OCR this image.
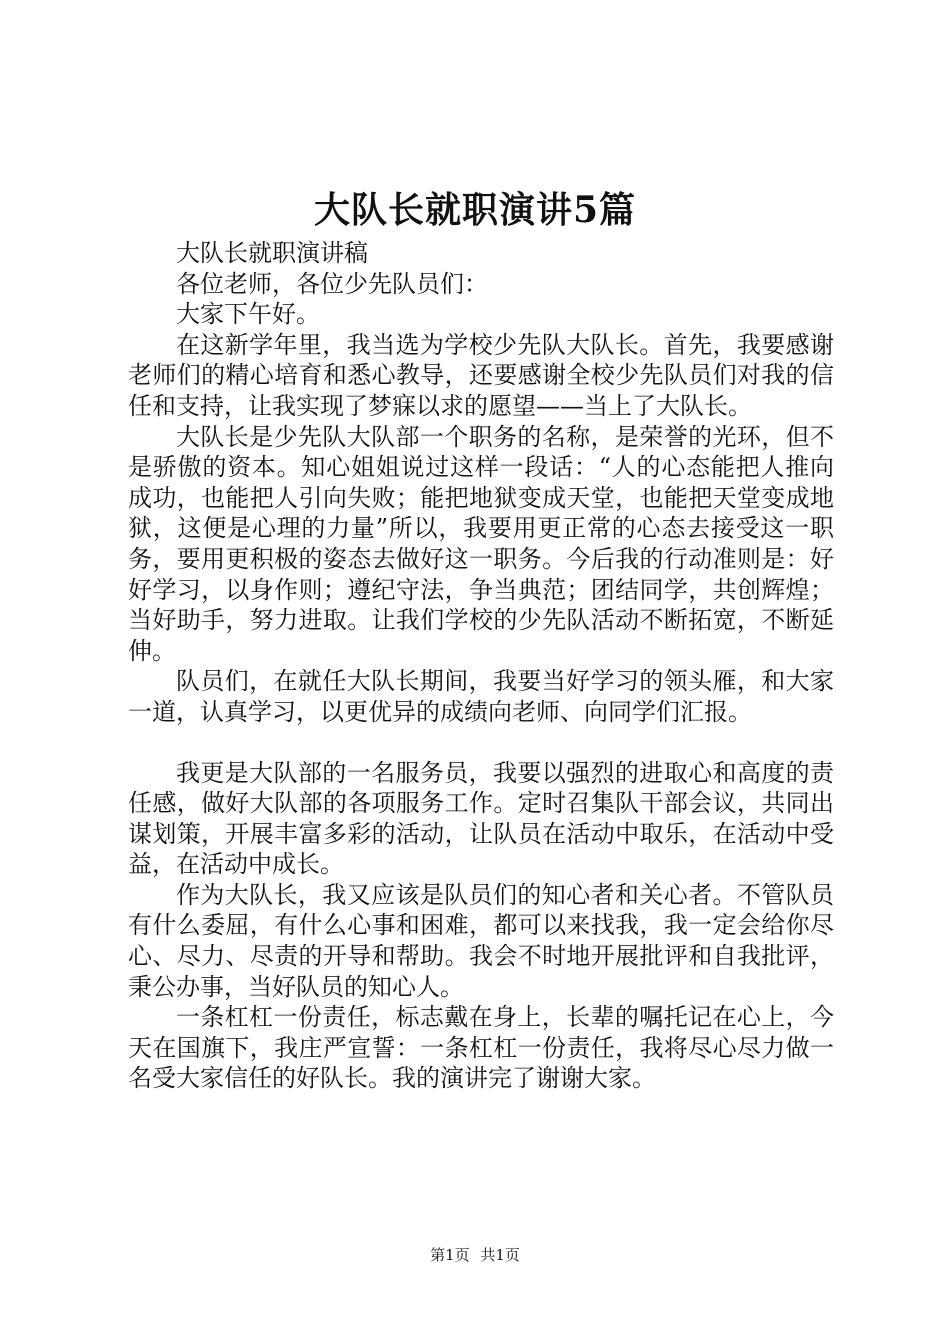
大队长就职演讲5篇

大队长就职演讲稿

各位老师，各位少先队员们：

大家下午好。

在这新学年里，我当选为学校少先队大队长。首先，我要感谢老师们的精心培育和悉心教导，还要感谢全校少先队员们对我的信任和支持，让我实现了梦寐以求的愿望——当上了大队长。

大队长是少先队大队部一个职务的名称，是荣誉的光环，但不是骄傲的资本。知心姐姐说过这样一段话：“人的心态能把人推向成功，也能把人引向失败；能把地狱变成天堂，也能把天堂变成地狱，这便是心理的力量”所以，我要用更正常的心态去接受这一职务，要用更积极的姿态去做好这一职务。今后我的行动准则是：好好学习，以身作则；遵纪守法，争当典范；团结同学，共创辉煌；当好助手，努力进取。让我们学校的少先队活动不断拓宽，不断延伸。

队员们，在就任大队长期间，我要当好学习的领头雁，和大家一道，认真学习，以更优异的成绩向老师、向同学们汇报。

我更是大队部的一名服务员，我要以强烈的进取心和高度的责任感，做好大队部的各项服务工作。定时召集队干部会议，共同出谋划策，开展丰富多彩的活动，让队员在活动中取乐，在活动中受益，在活动中成长。

作为大队长，我又应该是队员们的知心者和关心者。不管队员有什么委屈，有什么心事和困难，都可以来找我，我一定会给你尽心、尽力、尽责的开导和帮助。我会不时地开展批评和自我批评，秉公办事，当好队员的知心人。

一条杠杠一份责任，标志戴在身上，长辈的嘱托记在心上，今天在国旗下，我庄严宣誓：一条杠杠一份责任，我将尽心尽力做一名受大家信任的好队长。我的演讲完了谢谢大家。

第1页 共1页
